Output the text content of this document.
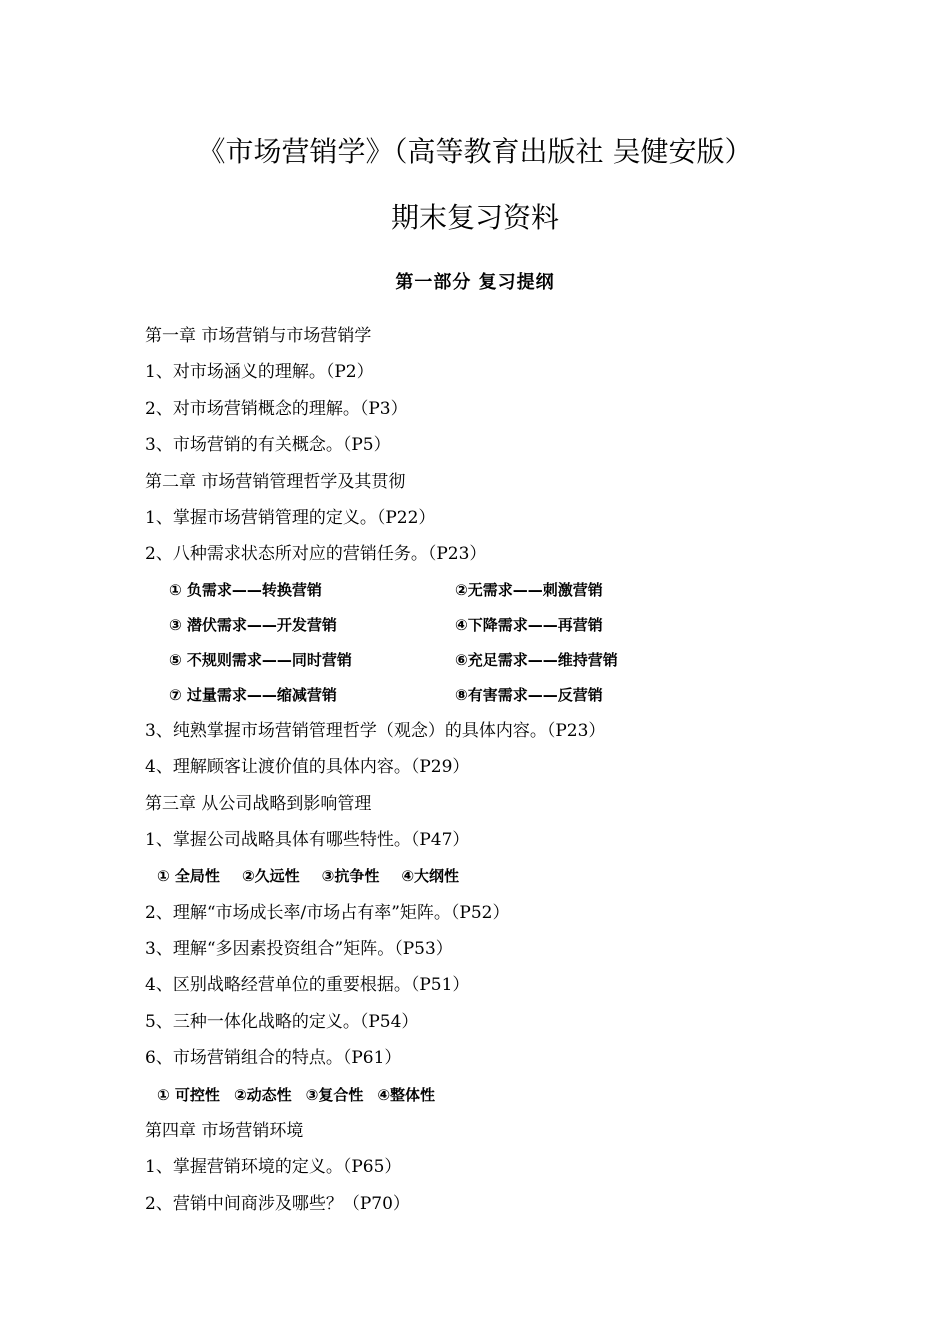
《市场营销学》（高等教育出版社 吴健安版）
期末复习资料
第一部分 复习提纲
第一章 市场营销与市场营销学
1、对市场涵义的理解。（P2）
2、对市场营销概念的理解。（P3）
3、市场营销的有关概念。（P5）
第二章 市场营销管理哲学及其贯彻
1、掌握市场营销管理的定义。（P22）
2、八种需求状态所对应的营销任务。（P23）
① 负需求——转换营销	②无需求——刺激营销
③ 潜伏需求——开发营销	④下降需求——再营销
⑤ 不规则需求——同时营销	⑥充足需求——维持营销
⑦ 过量需求——缩减营销	⑧有害需求——反营销
3、纯熟掌握市场营销管理哲学（观念）的具体内容。（P23）
4、理解顾客让渡价值的具体内容。（P29）
第三章 从公司战略到影响管理
1、掌握公司战略具体有哪些特性。（P47）
① 全局性 ②久远性 ③抗争性 ④大纲性
2、理解“市场成长率/市场占有率”矩阵。（P52）
3、理解“多因素投资组合”矩阵。（P53）
4、区别战略经营单位的重要根据。（P51）
5、三种一体化战略的定义。（P54）
6、市场营销组合的特点。（P61）
① 可控性 ②动态性 ③复合性 ④整体性
第四章 市场营销环境
1、掌握营销环境的定义。（P65）
2、营销中间商涉及哪些？（P70）
